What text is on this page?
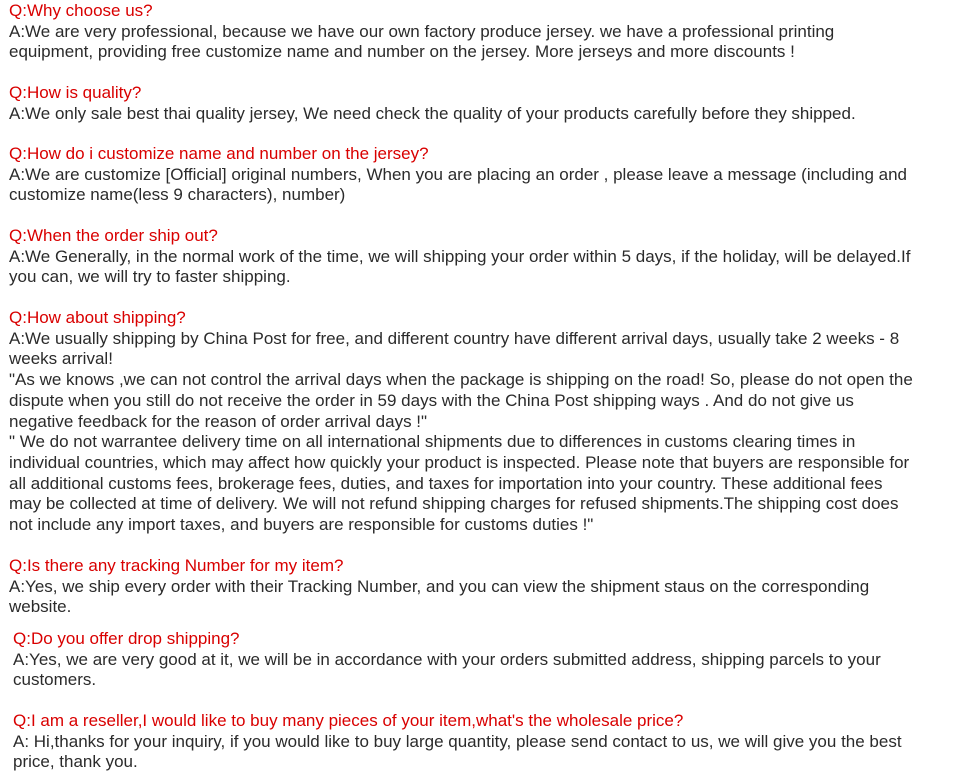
Q:Why choose us?
A:We are very professional, because we have our own factory produce jersey. we have a professional printing
equipment, providing free customize name and number on the jersey. More jerseys and more discounts !
Q:How is quality?
A:We only sale best thai quality jersey, We need check the quality of your products carefully before they shipped.
Q:How do i customize name and number on the jersey?
A:We are customize [Official] original numbers, When you are placing an order , please leave a message (including and
customize name(less 9 characters), number)
Q:When the order ship out?
A:We Generally, in the normal work of the time, we will shipping your order within 5 days, if the holiday, will be delayed.If
you can, we will try to faster shipping.
Q:How about shipping?
A:We usually shipping by China Post for free, and different country have different arrival days, usually take 2 weeks - 8
weeks arrival!
"As we knows ,we can not control the arrival days when the package is shipping on the road! So, please do not open the
dispute when you still do not receive the order in 59 days with the China Post shipping ways . And do not give us
negative feedback for the reason of order arrival days !"
" We do not warrantee delivery time on all international shipments due to differences in customs clearing times in
individual countries, which may affect how quickly your product is inspected. Please note that buyers are responsible for
all additional customs fees, brokerage fees, duties, and taxes for importation into your country. These additional fees
may be collected at time of delivery. We will not refund shipping charges for refused shipments.The shipping cost does
not include any import taxes, and buyers are responsible for customs duties !"
Q:Is there any tracking Number for my item?
A:Yes, we ship every order with their Tracking Number, and you can view the shipment staus on the corresponding
website.
Q:Do you offer drop shipping?
A:Yes, we are very good at it, we will be in accordance with your orders submitted address, shipping parcels to your
customers.
Q:I am a reseller,I would like to buy many pieces of your item,what's the wholesale price?
A: Hi,thanks for your inquiry, if you would like to buy large quantity, please send contact to us, we will give you the best
price, thank you.
